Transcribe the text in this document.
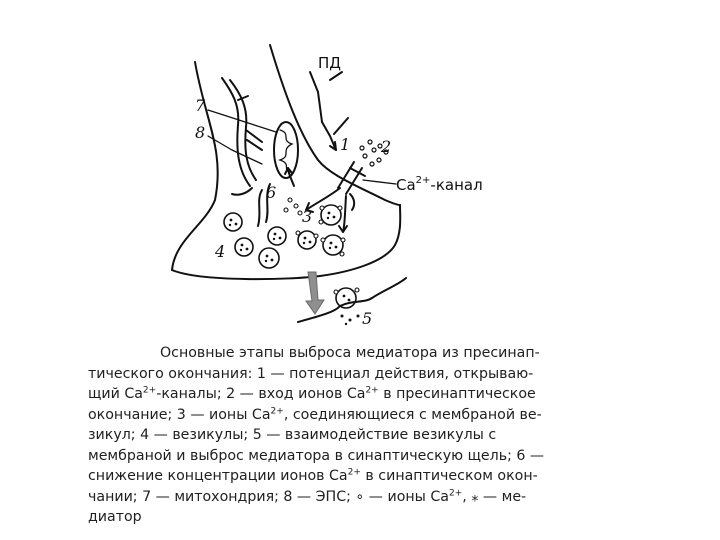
ПД
7
8
1 2
6
3
4
5
$Ca^{2+}$-канал
Основные этапы выброса медиатора из пресинап-
тического окончания: 1 — потенциал действия, открываю-
щий $Ca^{2+}$-каналы; 2 — вход ионов $Ca^{2+}$ в пресинаптическое
окончание; 3 — ионы $Ca^{2+}$, соединяющиеся с мембраной ве-
зикул; 4 — везикулы; 5 — взаимодействие везикулы с
мембраной и выброс медиатора в синаптическую щель; 6 —
снижение концентрации ионов $Ca^{2+}$ в синаптическом окон-
чании; 7 — митохондрия; 8 — ЭПС; ∘ — ионы $Ca^{2+}$, ⁎ — ме-
диатор
